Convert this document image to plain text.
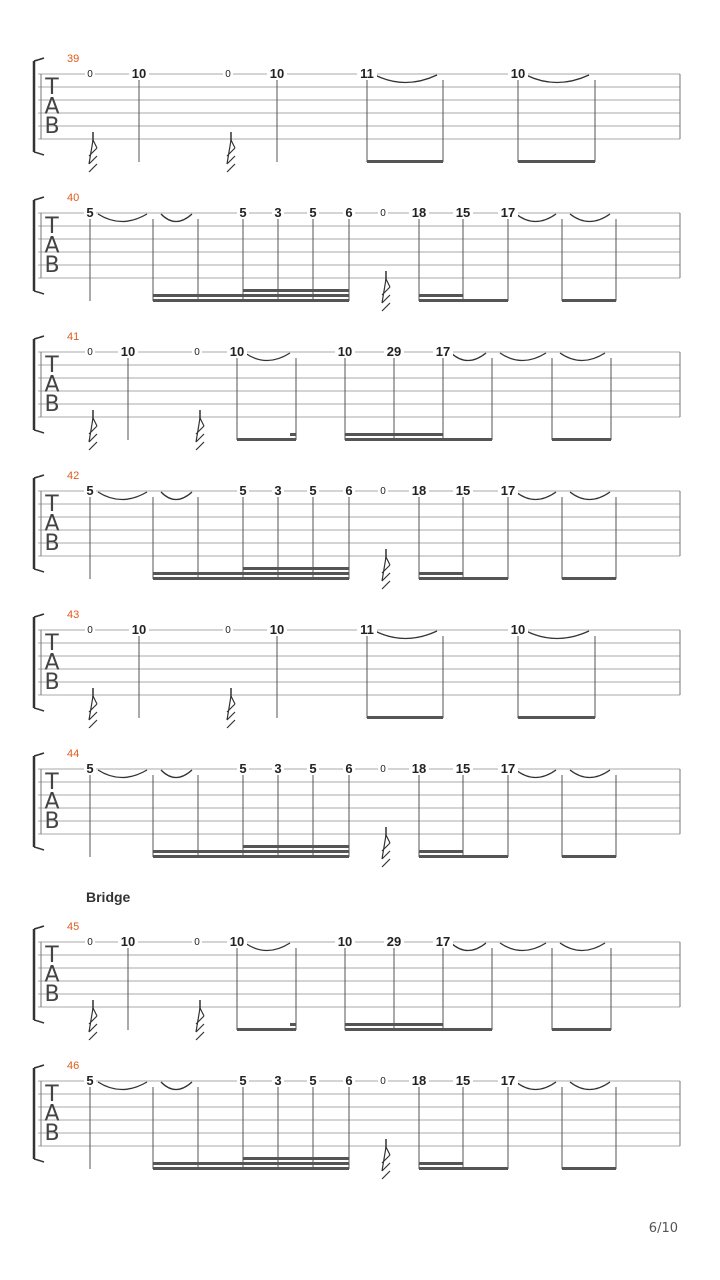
T
A
B
39
0	10	0	10	11	10
T
A
B
40
5	5 3 5 6	0 18 15 17
T
A
B
41
0 10	0 10	10	29	17
T
A
B
42
5	5 3 5 6	0 18 15 17
T
A
B
43
0	10	0	10	11	10
T
A
B
44
5	5 3 5 6	0 18 15 17
T
A
B
45
0 10	0 10	10	29	17
T
A
B
46
5	5 3 5 6	0 18 15 17
Bridge
6/10
